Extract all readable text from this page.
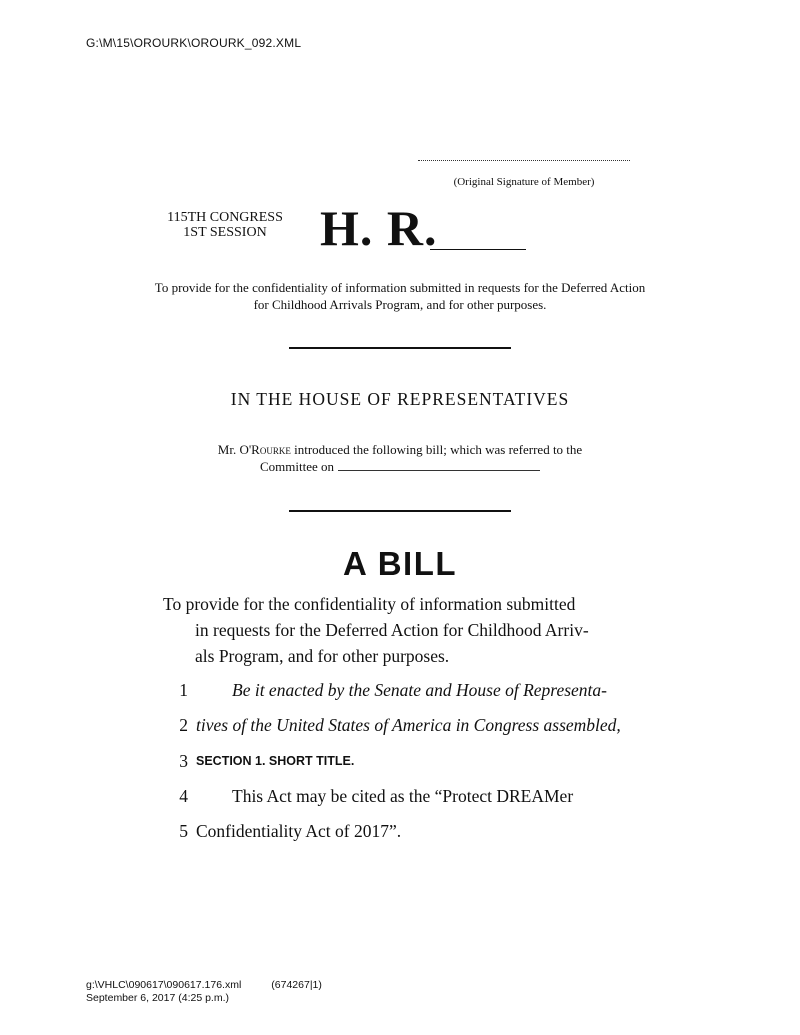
G:\M\15\OROURK\OROURK_092.XML
(Original Signature of Member)
115TH CONGRESS
1ST SESSION	H. R.
To provide for the confidentiality of information submitted in requests for the Deferred Action for Childhood Arrivals Program, and for other purposes.
IN THE HOUSE OF REPRESENTATIVES
Mr. O'Rourke introduced the following bill; which was referred to the
Committee on
A BILL
To provide for the confidentiality of information submitted
in requests for the Deferred Action for Childhood Arriv-
als Program, and for other purposes.
1	Be it enacted by the Senate and House of Representa-
2 tives of the United States of America in Congress assembled,
3 SECTION 1. SHORT TITLE.
4	This Act may be cited as the “Protect DREAMer
5 Confidentiality Act of 2017”.
g:\VHLC\090617\090617.176.xml	(674267|1)
September 6, 2017 (4:25 p.m.)
